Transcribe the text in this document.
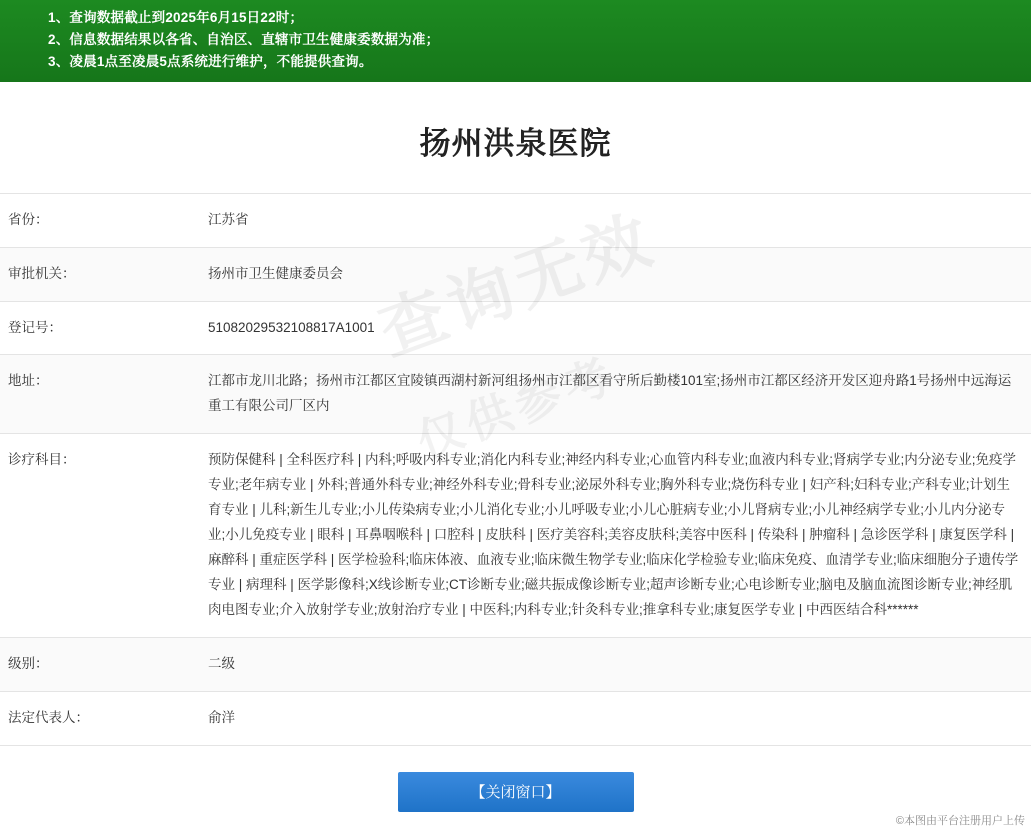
1、查询数据截止到2025年6月15日22时；
2、信息数据结果以各省、自治区、直辖市卫生健康委数据为准；
3、凌晨1点至凌晨5点系统进行维护，不能提供查询。
扬州洪泉医院
查询无效
仅供参考
省份：	江苏省
审批机关：	扬州市卫生健康委员会
登记号：	51082029532108817A1001
地址：	江都市龙川北路；扬州市江都区宜陵镇西湖村新河组扬州市江都区看守所后勤楼101室;扬州市江都区经济开发区迎舟路1号扬州中远海运重工有限公司厂区内
诊疗科目：	预防保健科 | 全科医疗科 | 内科;呼吸内科专业;消化内科专业;神经内科专业;心血管内科专业;血液内科专业;肾病学专业;内分泌专业;免疫学专业;老年病专业 | 外科;普通外科专业;神经外科专业;骨科专业;泌尿外科专业;胸外科专业;烧伤科专业 | 妇产科;妇科专业;产科专业;计划生育专业 | 儿科;新生儿专业;小儿传染病专业;小儿消化专业;小儿呼吸专业;小儿心脏病专业;小儿肾病专业;小儿神经病学专业;小儿内分泌专业;小儿免疫专业 | 眼科 | 耳鼻咽喉科 | 口腔科 | 皮肤科 | 医疗美容科;美容皮肤科;美容中医科 | 传染科 | 肿瘤科 | 急诊医学科 | 康复医学科 | 麻醉科 | 重症医学科 | 医学检验科;临床体液、血液专业;临床微生物学专业;临床化学检验专业;临床免疫、血清学专业;临床细胞分子遗传学专业 | 病理科 | 医学影像科;X线诊断专业;CT诊断专业;磁共振成像诊断专业;超声诊断专业;心电诊断专业;脑电及脑血流图诊断专业;神经肌肉电图专业;介入放射学专业;放射治疗专业 | 中医科;内科专业;针灸科专业;推拿科专业;康复医学专业 | 中西医结合科******
级别：	二级
法定代表人：	俞洋
【关闭窗口】
©本图由平台注册用户上传
